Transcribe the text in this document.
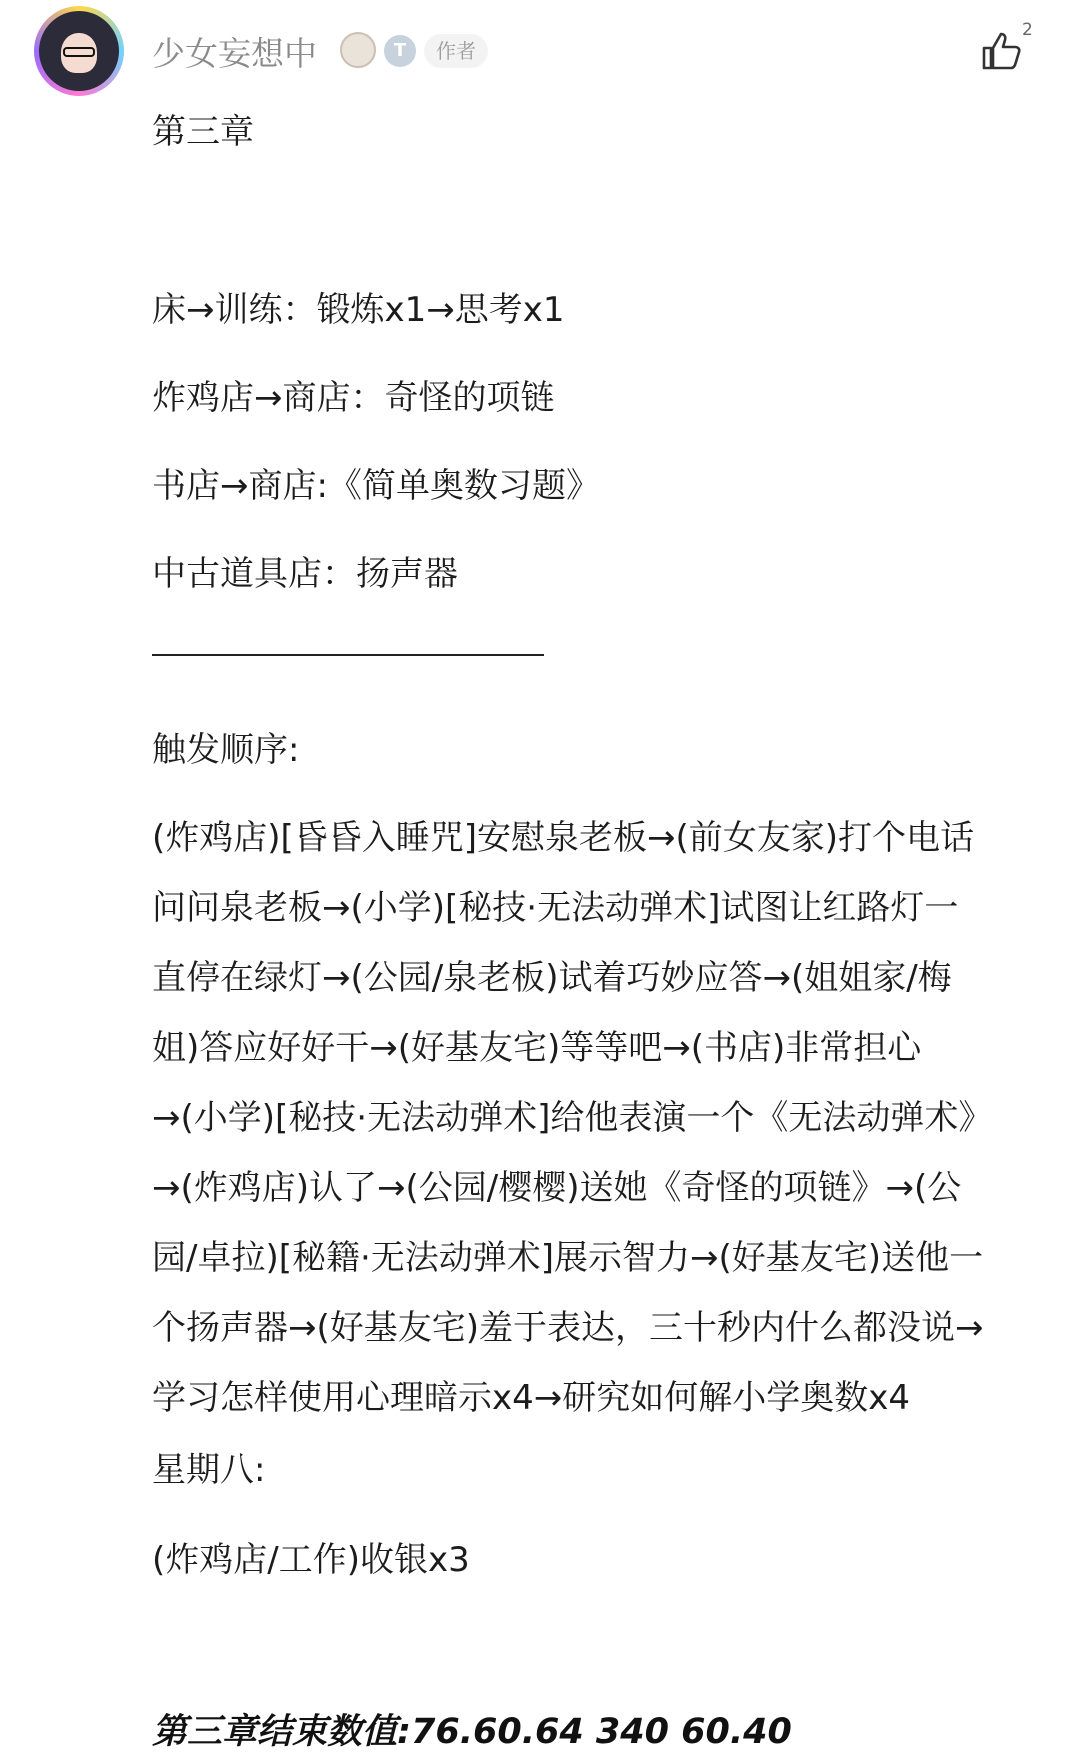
少女妄想中	T	作者
2
第三章
床→训练：锻炼x1→思考x1
炸鸡店→商店：奇怪的项链
书店→商店:《简单奥数习题》
中古道具店：扬声器
触发顺序:
(炸鸡店)[昏昏入睡咒]安慰泉老板→(前女友家)打个电话
问问泉老板→(小学)[秘技·无法动弹术]试图让红路灯一
直停在绿灯→(公园/泉老板)试着巧妙应答→(姐姐家/梅
姐)答应好好干→(好基友宅)等等吧→(书店)非常担心
→(小学)[秘技·无法动弹术]给他表演一个《无法动弹术》
→(炸鸡店)认了→(公园/樱樱)送她《奇怪的项链》→(公
园/卓拉)[秘籍·无法动弹术]展示智力→(好基友宅)送他一
个扬声器→(好基友宅)羞于表达，三十秒内什么都没说→
学习怎样使用心理暗示x4→研究如何解小学奥数x4
星期八:
(炸鸡店/工作)收银x3
第三章结束数值:76.60.64 340 60.40
